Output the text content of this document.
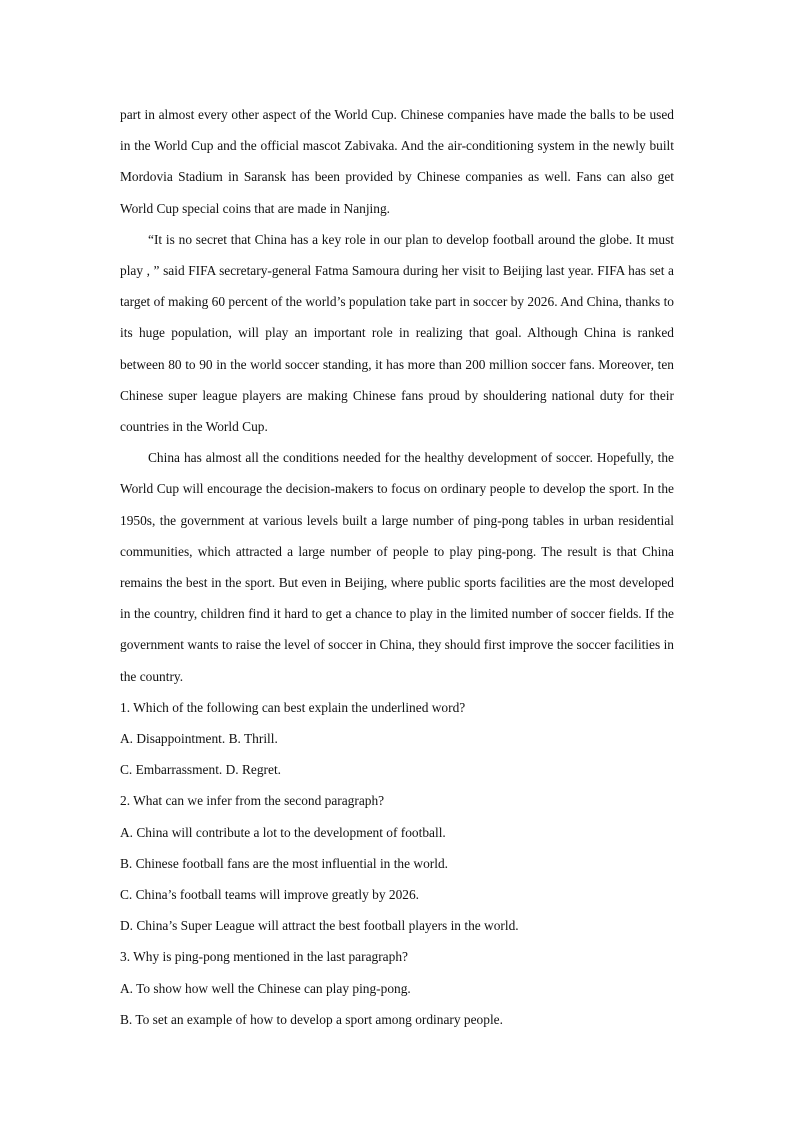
part in almost every other aspect of the World Cup. Chinese companies have made the balls to be used in the World Cup and the official mascot Zabivaka. And the air-conditioning system in the newly built Mordovia Stadium in Saransk has been provided by Chinese companies as well. Fans can also get World Cup special coins that are made in Nanjing.

“It is no secret that China has a key role in our plan to develop football around the globe. It must play , ” said FIFA secretary-general Fatma Samoura during her visit to Beijing last year. FIFA has set a target of making 60 percent of the world’s population take part in soccer by 2026. And China, thanks to its huge population, will play an important role in realizing that goal. Although China is ranked between 80 to 90 in the world soccer standing, it has more than 200 million soccer fans. Moreover, ten Chinese super league players are making Chinese fans proud by shouldering national duty for their countries in the World Cup.

China has almost all the conditions needed for the healthy development of soccer. Hopefully, the World Cup will encourage the decision-makers to focus on ordinary people to develop the sport. In the 1950s, the government at various levels built a large number of ping-pong tables in urban residential communities, which attracted a large number of people to play ping-pong. The result is that China remains the best in the sport. But even in Beijing, where public sports facilities are the most developed in the country, children find it hard to get a chance to play in the limited number of soccer fields. If the government wants to raise the level of soccer in China, they should first improve the soccer facilities in the country.

1. Which of the following can best explain the underlined word?

A. Disappointment. B. Thrill.

C. Embarrassment. D. Regret.

2. What can we infer from the second paragraph?

A. China will contribute a lot to the development of football.

B. Chinese football fans are the most influential in the world.

C. China’s football teams will improve greatly by 2026.

D. China’s Super League will attract the best football players in the world.

3. Why is ping-pong mentioned in the last paragraph?

A. To show how well the Chinese can play ping-pong.

B. To set an example of how to develop a sport among ordinary people.
